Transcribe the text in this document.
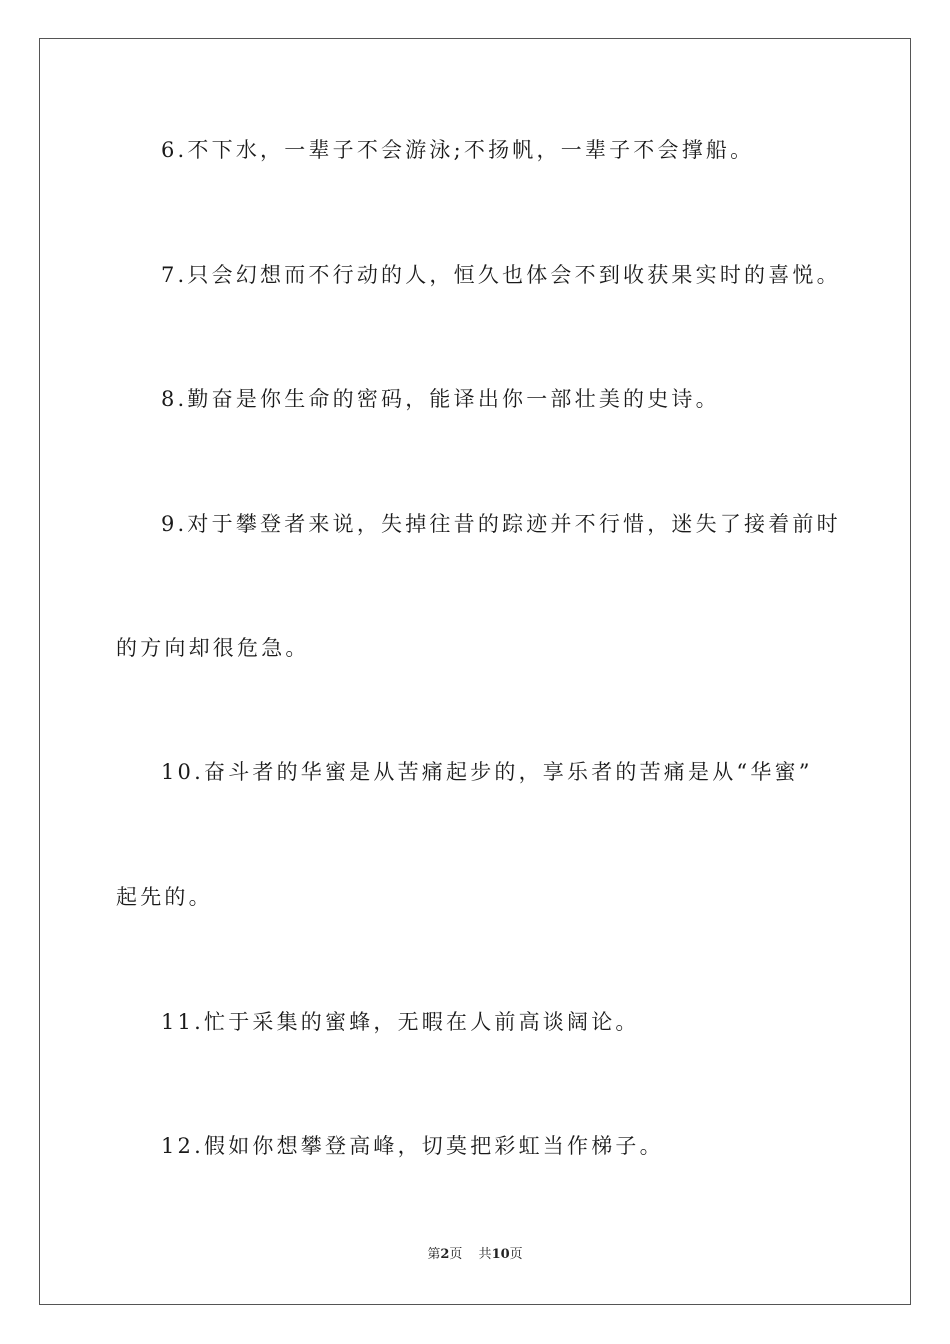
6.不下水，一辈子不会游泳;不扬帆，一辈子不会撑船。
7.只会幻想而不行动的人，恒久也体会不到收获果实时的喜悦。
8.勤奋是你生命的密码，能译出你一部壮美的史诗。
9.对于攀登者来说，失掉往昔的踪迹并不行惜，迷失了接着前时
的方向却很危急。
10.奋斗者的华蜜是从苦痛起步的，享乐者的苦痛是从“华蜜”
起先的。
11.忙于采集的蜜蜂，无暇在人前高谈阔论。
12.假如你想攀登高峰，切莫把彩虹当作梯子。
第2页 共10页
